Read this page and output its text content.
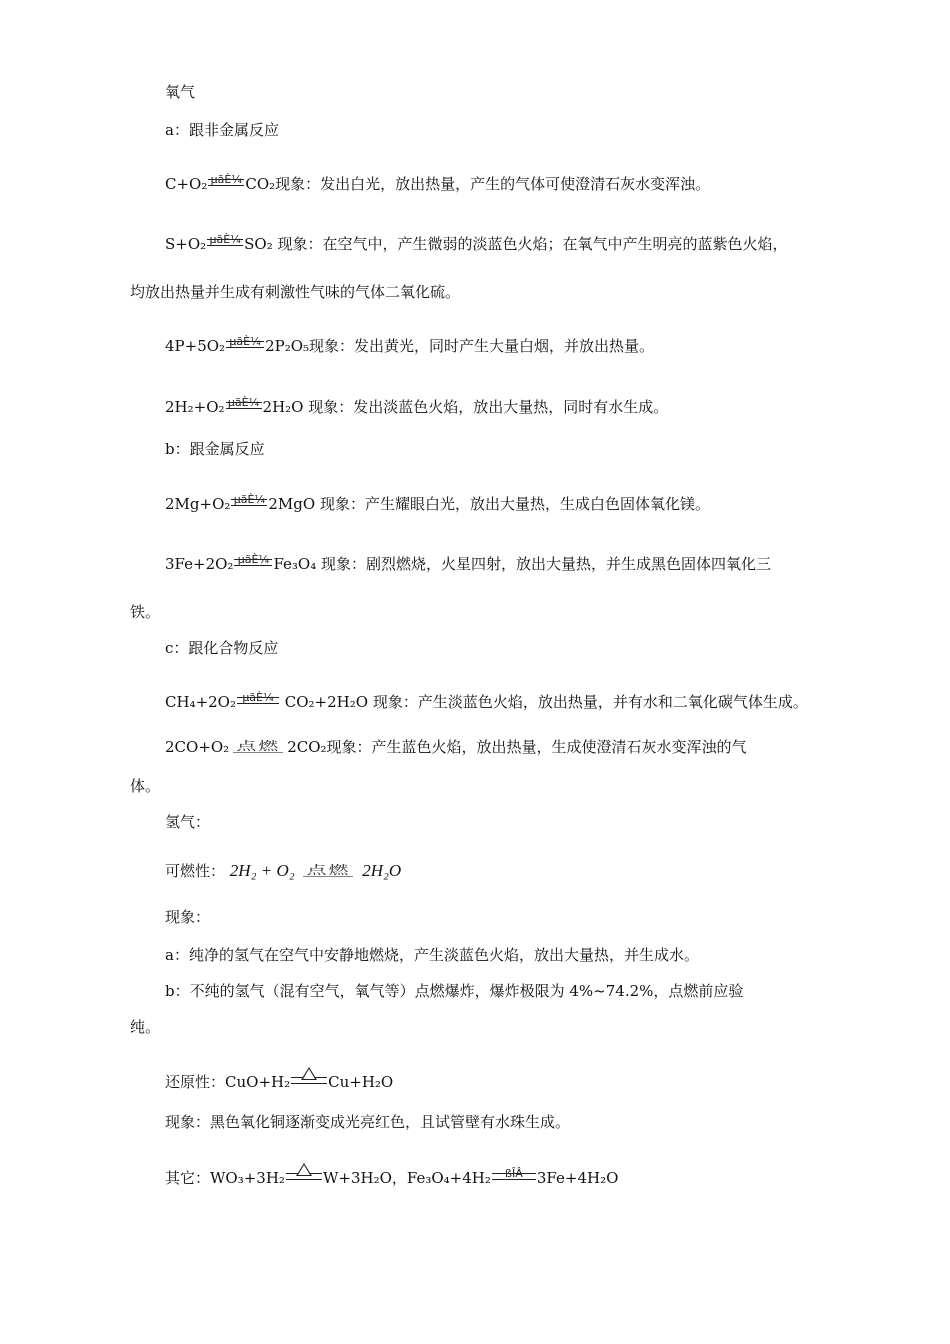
氧气
a：跟非金属反应
C+O₂ µãÈ¼ CO₂现象：发出白光，放出热量，产生的气体可使澄清石灰水变浑浊。
S+O₂ µãÈ¼ SO₂ 现象：在空气中，产生微弱的淡蓝色火焰；在氧气中产生明亮的蓝紫色火焰，
均放出热量并生成有刺激性气味的气体二氧化硫。
4P+5O₂ µãÈ¼ 2P₂O₅现象：发出黄光，同时产生大量白烟，并放出热量。
2H₂+O₂ µãÈ¼ 2H₂O 现象：发出淡蓝色火焰，放出大量热，同时有水生成。
b：跟金属反应
2Mg+O₂ µãÈ¼ 2MgO 现象：产生耀眼白光，放出大量热，生成白色固体氧化镁。
3Fe+2O₂ µãÈ¼ Fe₃O₄ 现象：剧烈燃烧，火星四射，放出大量热，并生成黑色固体四氧化三
铁。
c：跟化合物反应
CH₄+2O₂ µãÈ¼ CO₂+2H₂O 现象：产生淡蓝色火焰，放出热量，并有水和二氧化碳气体生成。
2CO+O₂ 点燃 2CO₂现象：产生蓝色火焰，放出热量，生成使澄清石灰水变浑浊的气
体。
氢气：
可燃性： 2H₂ + O₂ 点燃 2H₂O
现象：
a：纯净的氢气在空气中安静地燃烧，产生淡蓝色火焰，放出大量热，并生成水。
b：不纯的氢气（混有空气，氧气等）点燃爆炸，爆炸极限为 4%~74.2%，点燃前应验
纯。
还原性：CuO+H₂	Cu+H₂O
现象：黑色氧化铜逐渐变成光亮红色，且试管壁有水珠生成。
其它：WO₃+3H₂	W+3H₂O，Fe₃O₄+4H₂	ßÎÂ 3Fe+4H₂O
